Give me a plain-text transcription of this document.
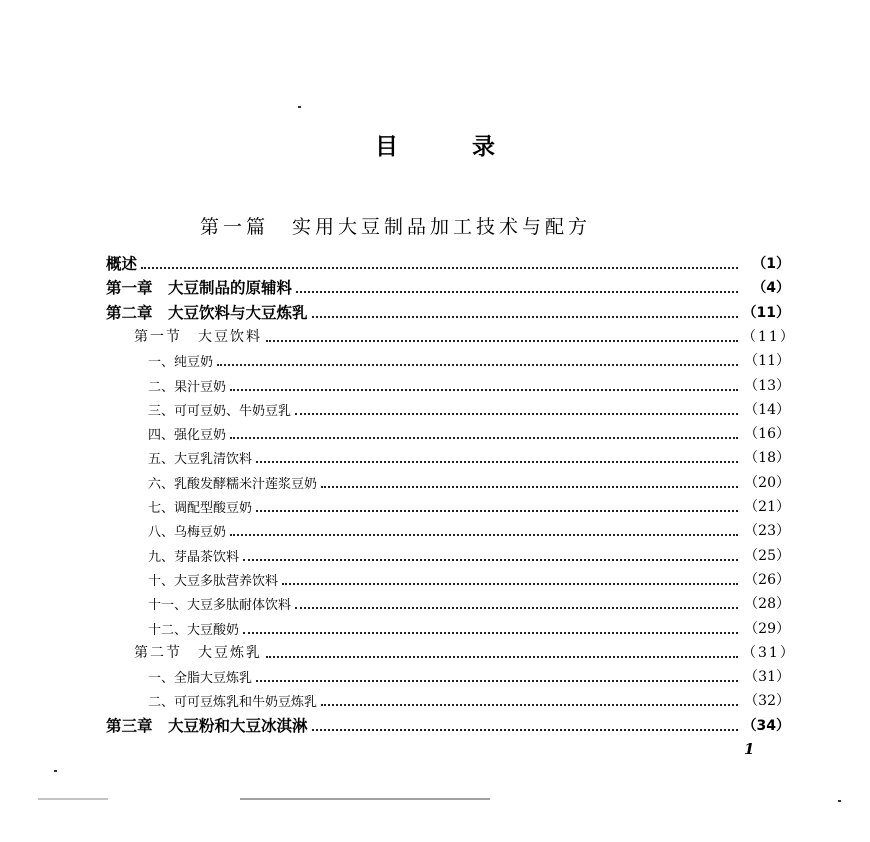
目	录
第一篇　实用大豆制品加工技术与配方
概述	（1）
第一章　大豆制品的原辅料	（4）
第二章　大豆饮料与大豆炼乳	（11）
第一节　大豆饮料	（11）
一、纯豆奶	（11）
二、果汁豆奶	（13）
三、可可豆奶、牛奶豆乳	（14）
四、强化豆奶	（16）
五、大豆乳清饮料	（18）
六、乳酸发酵糯米汁莲浆豆奶	（20）
七、调配型酸豆奶	（21）
八、乌梅豆奶	（23）
九、芽晶茶饮料	（25）
十、大豆多肽营养饮料	（26）
十一、大豆多肽耐体饮料	（28）
十二、大豆酸奶	（29）
第二节　大豆炼乳	（31）
一、全脂大豆炼乳	（31）
二、可可豆炼乳和牛奶豆炼乳	（32）
第三章　大豆粉和大豆冰淇淋	（34）
1
